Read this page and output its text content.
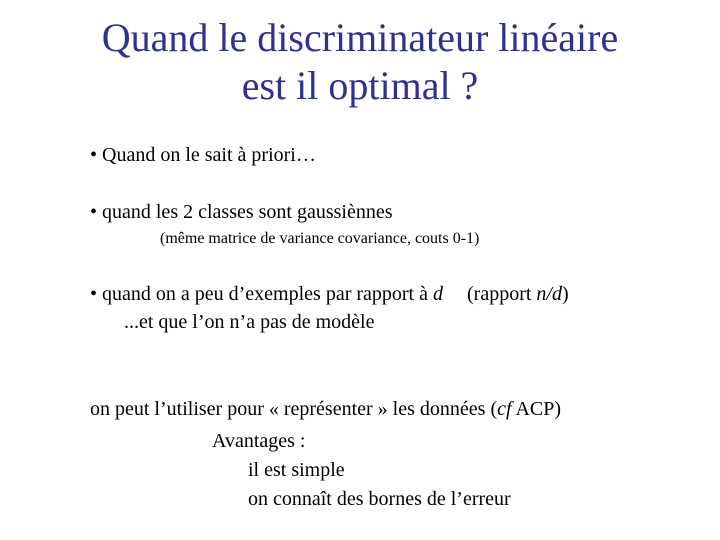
Quand le discriminateur linéaire
est il optimal ?
• Quand on le sait à priori…
• quand les 2 classes sont gaussiènnes
(même matrice de variance covariance, couts 0-1)
• quand on a peu d’exemples par rapport à d (rapport n/d)
...et que l’on n’a pas de modèle
on peut l’utiliser pour « représenter » les données (cf ACP)
Avantages :
il est simple
on connaît des bornes de l’erreur
